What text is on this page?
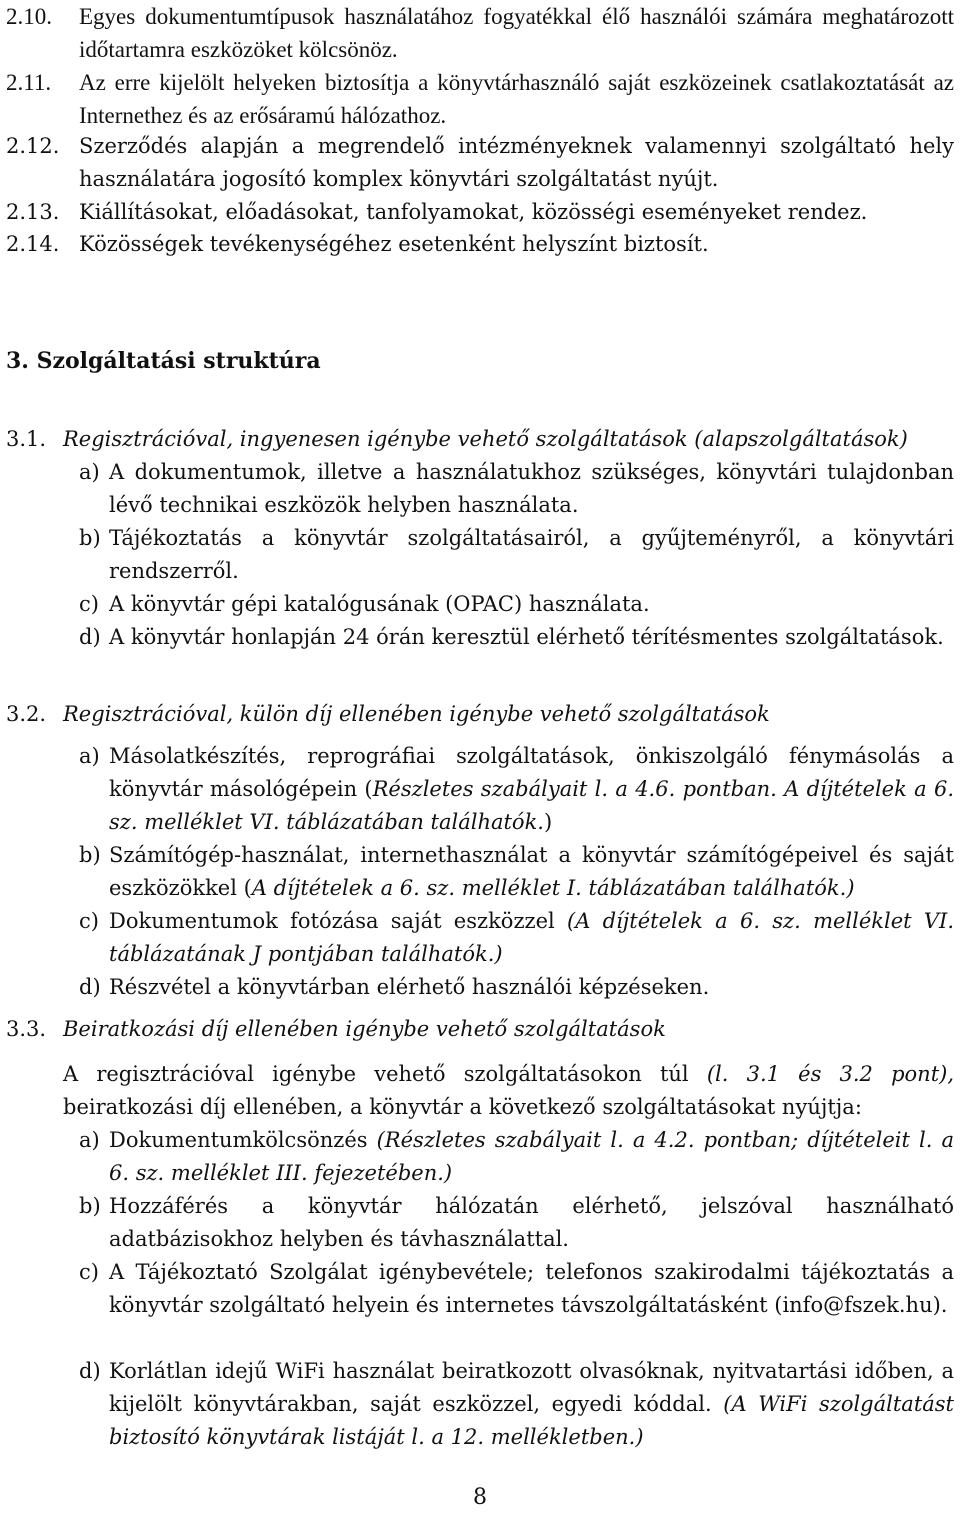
2.10. Egyes dokumentumtípusok használatához fogyatékkal élő használói számára meghatározott időtartamra eszközöket kölcsönöz.
2.11. Az erre kijelölt helyeken biztosítja a könyvtárhasználó saját eszközeinek csatlakoztatását az Internethez és az erősáramú hálózathoz.
2.12. Szerződés alapján a megrendelő intézményeknek valamennyi szolgáltató hely használatára jogosító komplex könyvtári szolgáltatást nyújt.
2.13. Kiállításokat, előadásokat, tanfolyamokat, közösségi eseményeket rendez.
2.14. Közösségek tevékenységéhez esetenként helyszínt biztosít.
3. Szolgáltatási struktúra
3.1. Regisztrációval, ingyenesen igénybe vehető szolgáltatások (alapszolgáltatások)
a) A dokumentumok, illetve a használatukhoz szükséges, könyvtári tulajdonban lévő technikai eszközök helyben használata.
b) Tájékoztatás a könyvtár szolgáltatásairól, a gyűjteményről, a könyvtári rendszerről.
c) A könyvtár gépi katalógusának (OPAC) használata.
d) A könyvtár honlapján 24 órán keresztül elérhető térítésmentes szolgáltatások.
3.2. Regisztrációval, külön díj ellenében igénybe vehető szolgáltatások
a) Másolatkészítés, reprográfiai szolgáltatások, önkiszolgáló fénymásolás a könyvtár másológépein (Részletes szabályait l. a 4.6. pontban. A díjtételek a 6. sz. melléklet VI. táblázatában találhatók.)
b) Számítógép-használat, internethasználat a könyvtár számítógépeivel és saját eszközökkel (A díjtételek a 6. sz. melléklet I. táblázatában találhatók.)
c) Dokumentumok fotózása saját eszközzel (A díjtételek a 6. sz. melléklet VI. táblázatának J pontjában találhatók.)
d) Részvétel a könyvtárban elérhető használói képzéseken.
3.3. Beiratkozási díj ellenében igénybe vehető szolgáltatások
A regisztrációval igénybe vehető szolgáltatásokon túl (l. 3.1 és 3.2 pont), beiratkozási díj ellenében, a könyvtár a következő szolgáltatásokat nyújtja:
a) Dokumentumkölcsönzés (Részletes szabályait l. a 4.2. pontban; díjtételeit l. a 6. sz. melléklet III. fejezetében.)
b) Hozzáférés a könyvtár hálózatán elérhető, jelszóval használható adatbázisokhoz helyben és távhasználattal.
c) A Tájékoztató Szolgálat igénybevétele; telefonos szakirodalmi tájékoztatás a könyvtár szolgáltató helyein és internetes távszolgáltatásként (info@fszek.hu).
d) Korlátlan idejű WiFi használat beiratkozott olvasóknak, nyitvatartási időben, a kijelölt könyvtárakban, saját eszközzel, egyedi kóddal. (A WiFi szolgáltatást biztosító könyvtárak listáját l. a 12. mellékletben.)
8
